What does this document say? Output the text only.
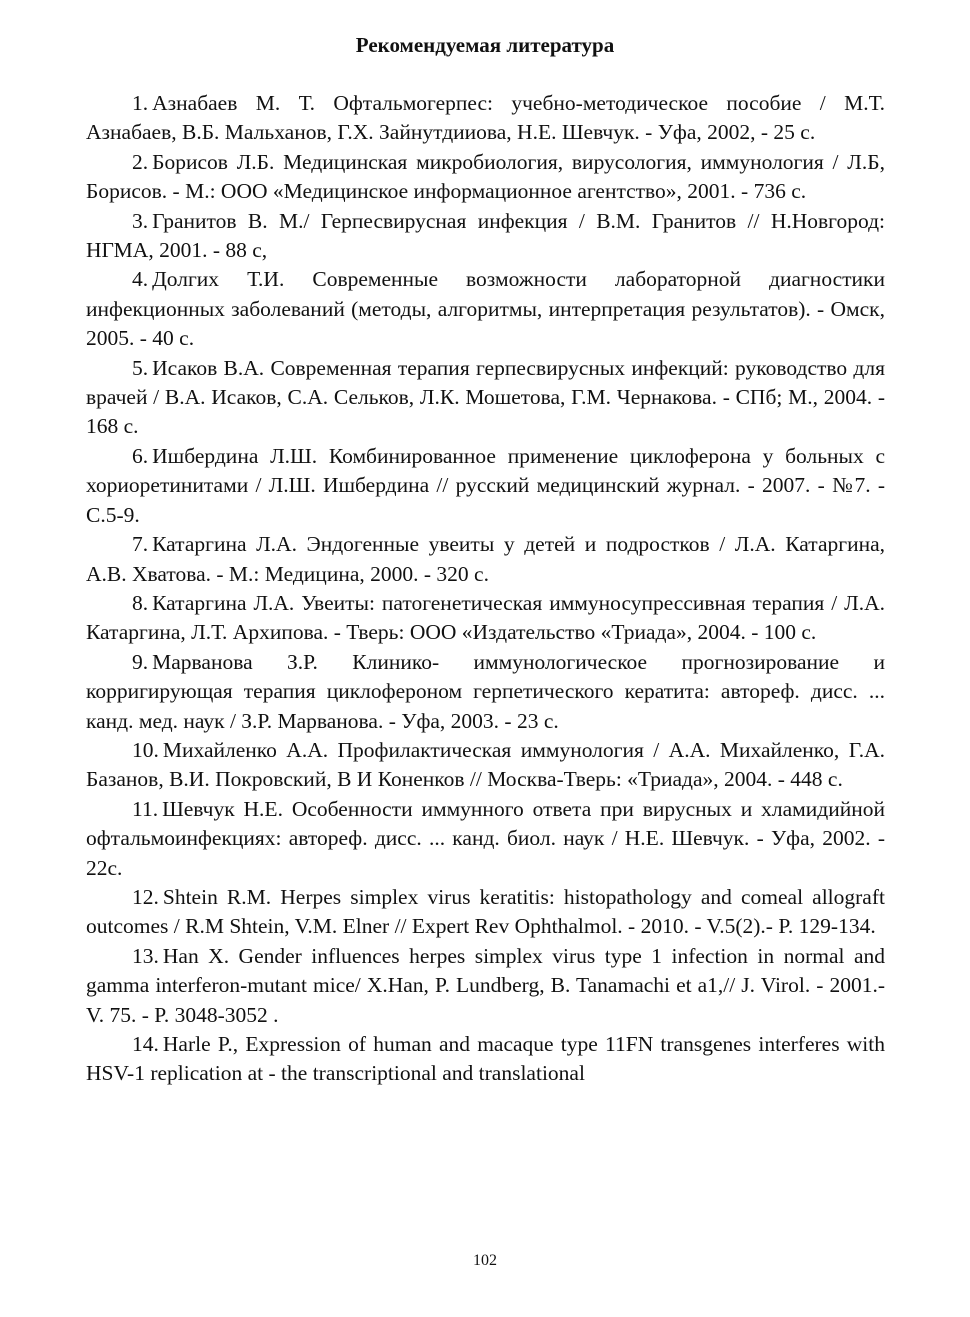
Рекомендуемая литература
1. Азнабаев М. Т. Офтальмогерпес: учебно-методическое пособие / М.Т. Азнабаев, В.Б. Мальханов, Г.Х. Зайнутдииова, Н.Е. Шевчук. - Уфа, 2002, - 25 с.
2. Борисов Л.Б. Медицинская микробиология, вирусология, иммунология / Л.Б, Борисов. - М.: ООО «Медицинское информационное агентство», 2001. - 736 с.
3. Гранитов В. М./ Герпесвирусная инфекция / В.М. Гранитов // Н.Новгород: НГМА, 2001. - 88 с,
4. Долгих Т.И. Современные возможности лабораторной диагностики инфекционных заболеваний (методы, алгоритмы, интерпретация результатов). - Омск, 2005. - 40 с.
5. Исаков В.А. Современная терапия герпесвирусных инфекций: руководство для врачей / В.А. Исаков, С.А. Сельков, Л.К. Мошетова, Г.М. Чернакова. - СПб; М., 2004. - 168 с.
6. Ишбердина Л.Ш. Комбинированное применение циклоферона у больных с хориоретинитами / Л.Ш. Ишбердина // русский медицинский журнал. - 2007. - №7. - С.5-9.
7. Катаргина Л.А. Эндогенные увеиты у детей и подростков / Л.А. Катаргина, А.В. Хватова. - М.: Медицина, 2000. - 320 с.
8. Катаргина Л.А. Увеиты: патогенетическая иммуносупрессивная терапия / Л.А. Катаргина, Л.Т. Архипова. - Тверь: ООО «Издательство «Триада», 2004. - 100 с.
9. Марванова З.Р. Клинико- иммунологическое прогнозирование и корригирующая терапия циклофероном герпетического кератита: автореф. дисс. ... канд. мед. наук / З.Р. Марванова. - Уфа, 2003. - 23 с.
10. Михайленко А.А. Профилактическая иммунология / А.А. Михайленко, Г.А. Базанов, В.И. Покровский, В И Коненков // Москва-Тверь: «Триада», 2004. - 448 с.
11. Шевчук Н.Е. Особенности иммунного ответа при вирусных и хламидийной офтальмоинфекциях: автореф. дисс. ... канд. биол. наук / Н.Е. Шевчук. - Уфа, 2002. - 22с.
12. Shtein R.M. Herpes simplex virus keratitis: histopathology and comeal allograft outcomes / R.M Shtein, V.M. Elner // Expert Rev Ophthalmol. - 2010. - V.5(2).- P. 129-134.
13. Han X. Gender influences herpes simplex virus type 1 infection in normal and gamma interferon-mutant mice/ X.Han, P. Lundberg, B. Tanamachi et a1,// J. Virol. - 2001.- V. 75. - P. 3048-3052 .
14. Harle P., Expression of human and macaque type 11FN transgenes interferes with HSV-1 replication at - the transcriptional and translational
102
